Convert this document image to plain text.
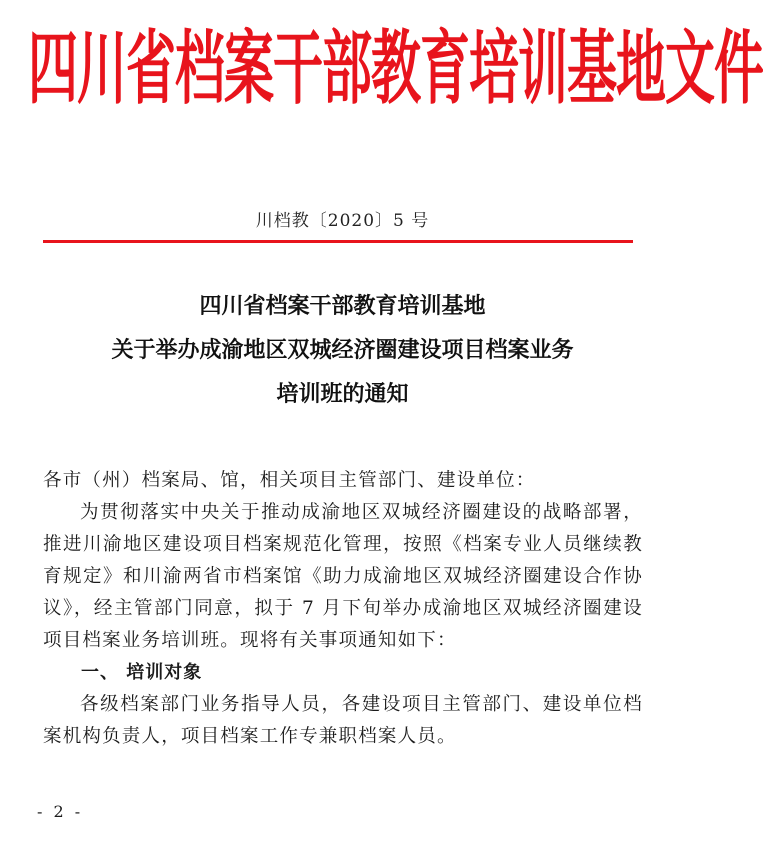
四川省档案干部教育培训基地文件
川档教〔2020〕5 号
四川省档案干部教育培训基地
关于举办成渝地区双城经济圈建设项目档案业务
培训班的通知

各市（州）档案局、馆，相关项目主管部门、建设单位：

为贯彻落实中央关于推动成渝地区双城经济圈建设的战略部署，推进川渝地区建设项目档案规范化管理，按照《档案专业人员继续教育规定》和川渝两省市档案馆《助力成渝地区双城经济圈建设合作协议》，经主管部门同意，拟于 7 月下旬举办成渝地区双城经济圈建设项目档案业务培训班。现将有关事项通知如下：

一、 培训对象

各级档案部门业务指导人员，各建设项目主管部门、建设单位档案机构负责人，项目档案工作专兼职档案人员。

- 2 -
